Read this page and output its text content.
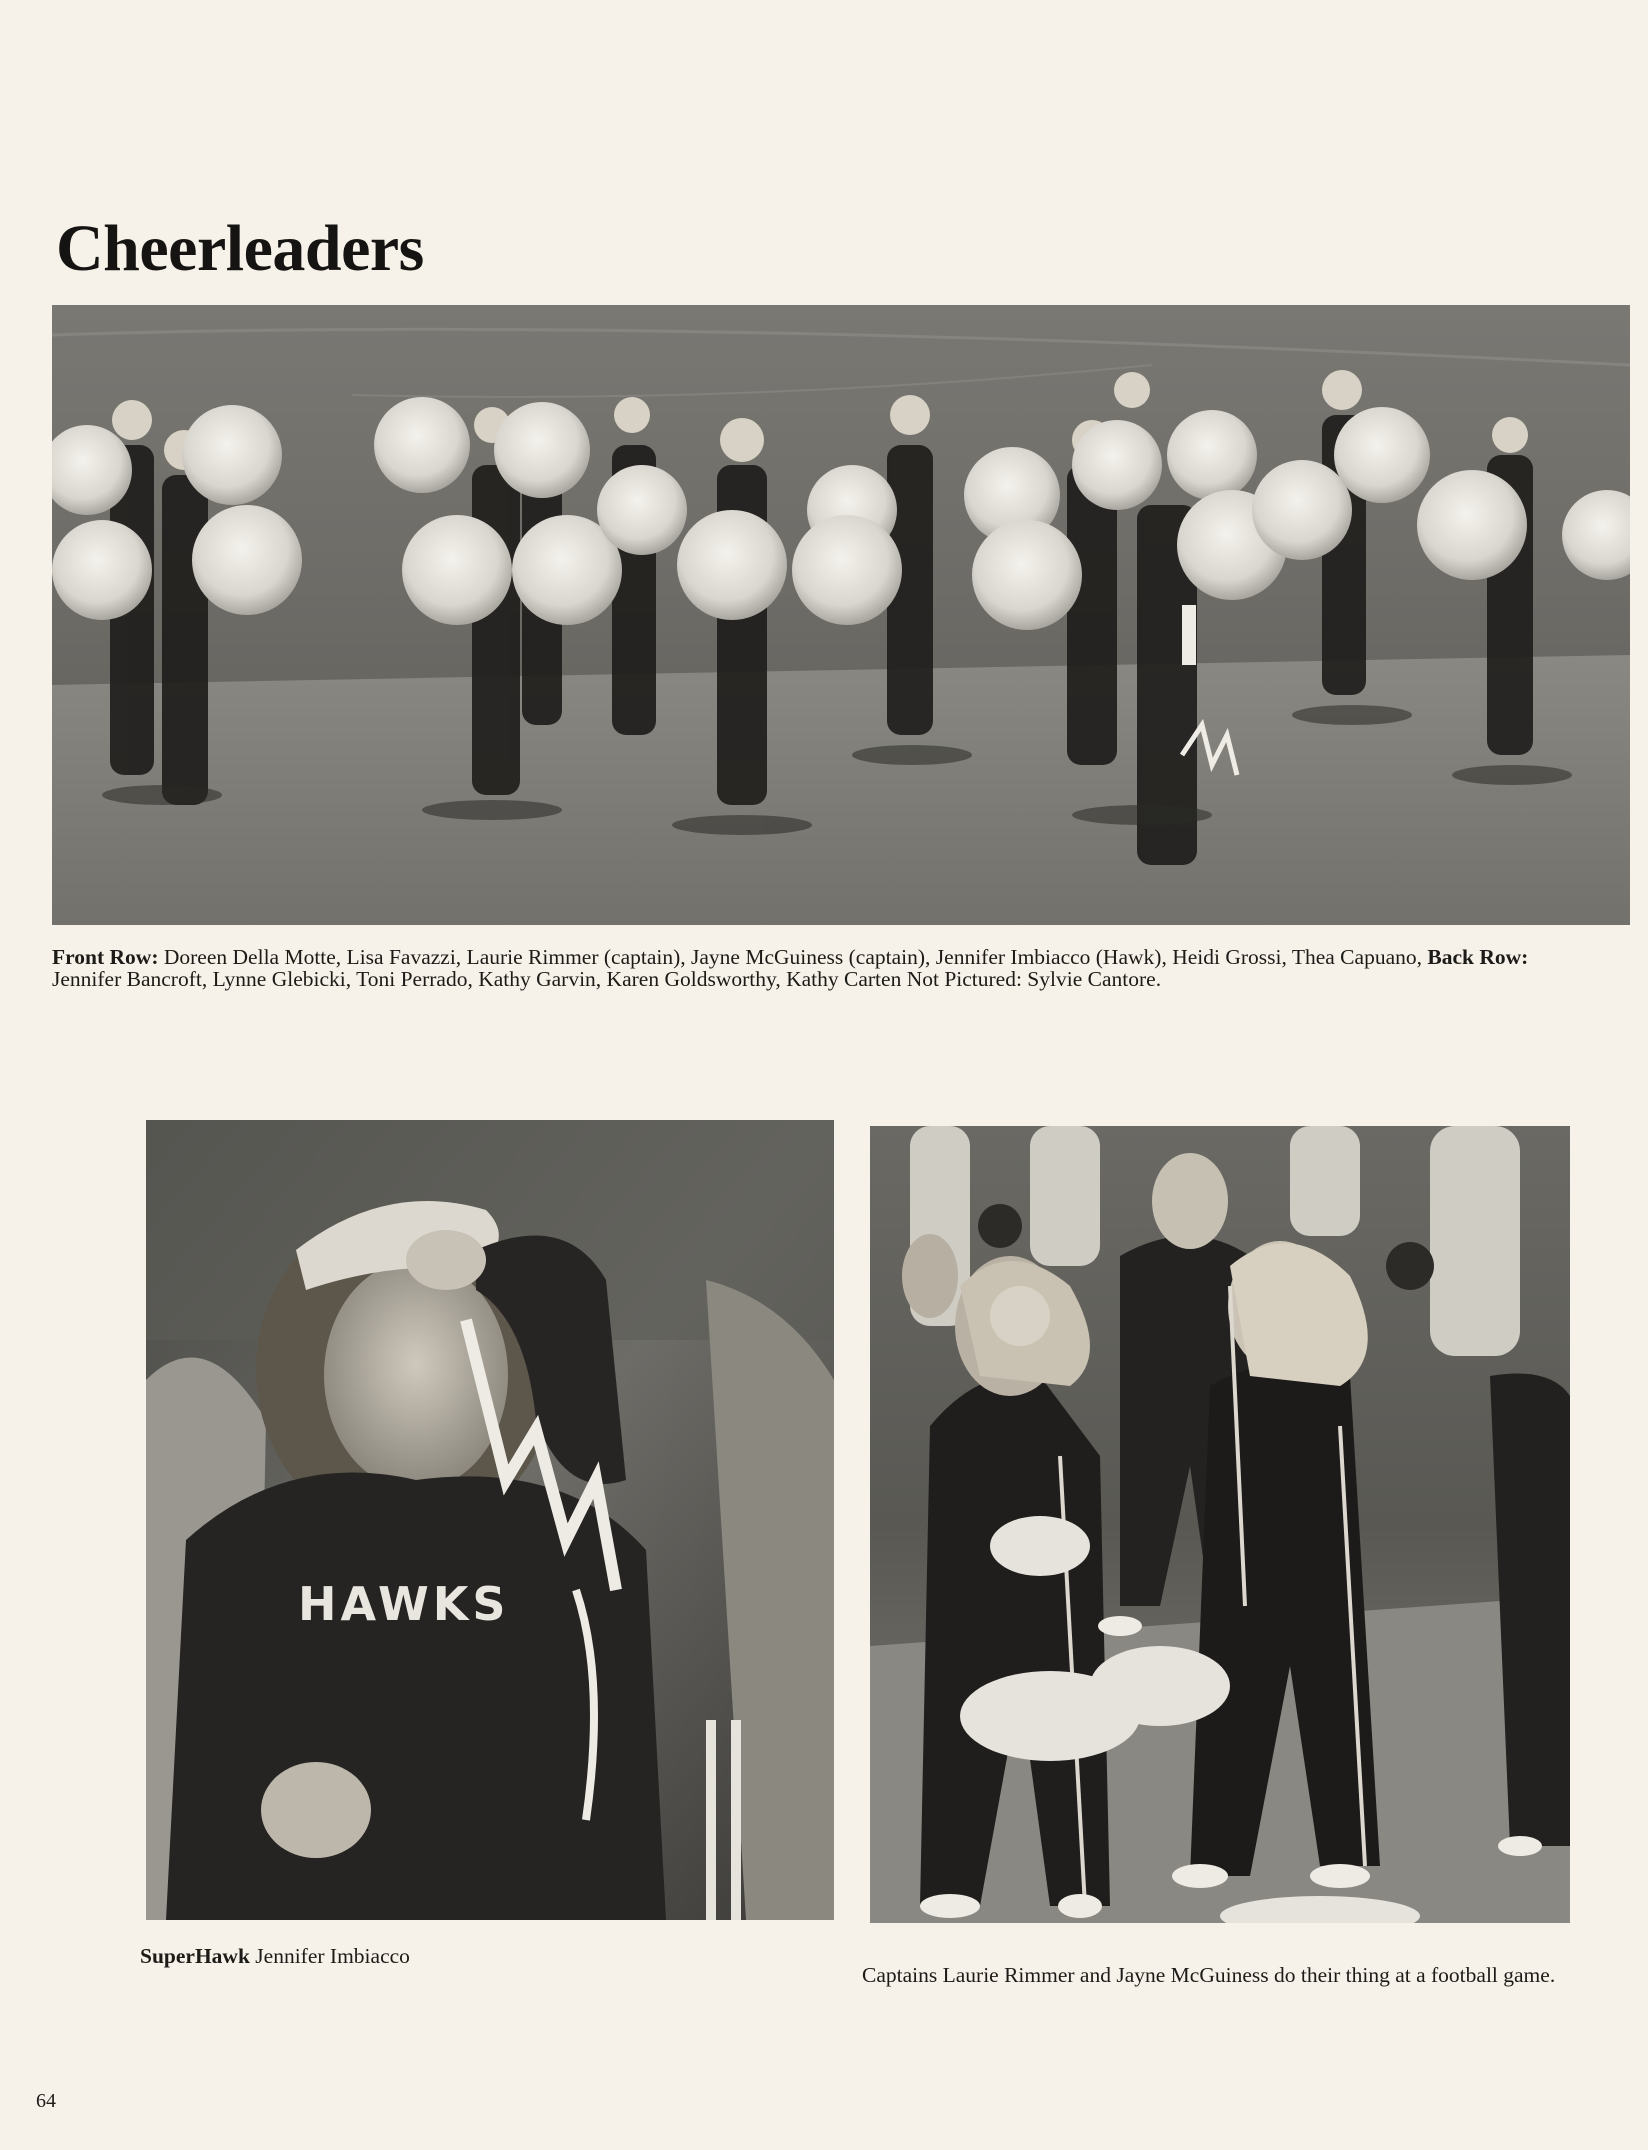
Cheerleaders
Front Row: Doreen Della Motte, Lisa Favazzi, Laurie Rimmer (captain), Jayne McGuiness (captain), Jennifer Imbiacco (Hawk), Heidi Grossi, Thea Capuano, Back Row: Jennifer Bancroft, Lynne Glebicki, Toni Perrado, Kathy Garvin, Karen Goldsworthy, Kathy Carten Not Pictured: Sylvie Cantore.
HAWKS
SuperHawk Jennifer Imbiacco
Captains Laurie Rimmer and Jayne McGuiness do their thing at a football game.
64
